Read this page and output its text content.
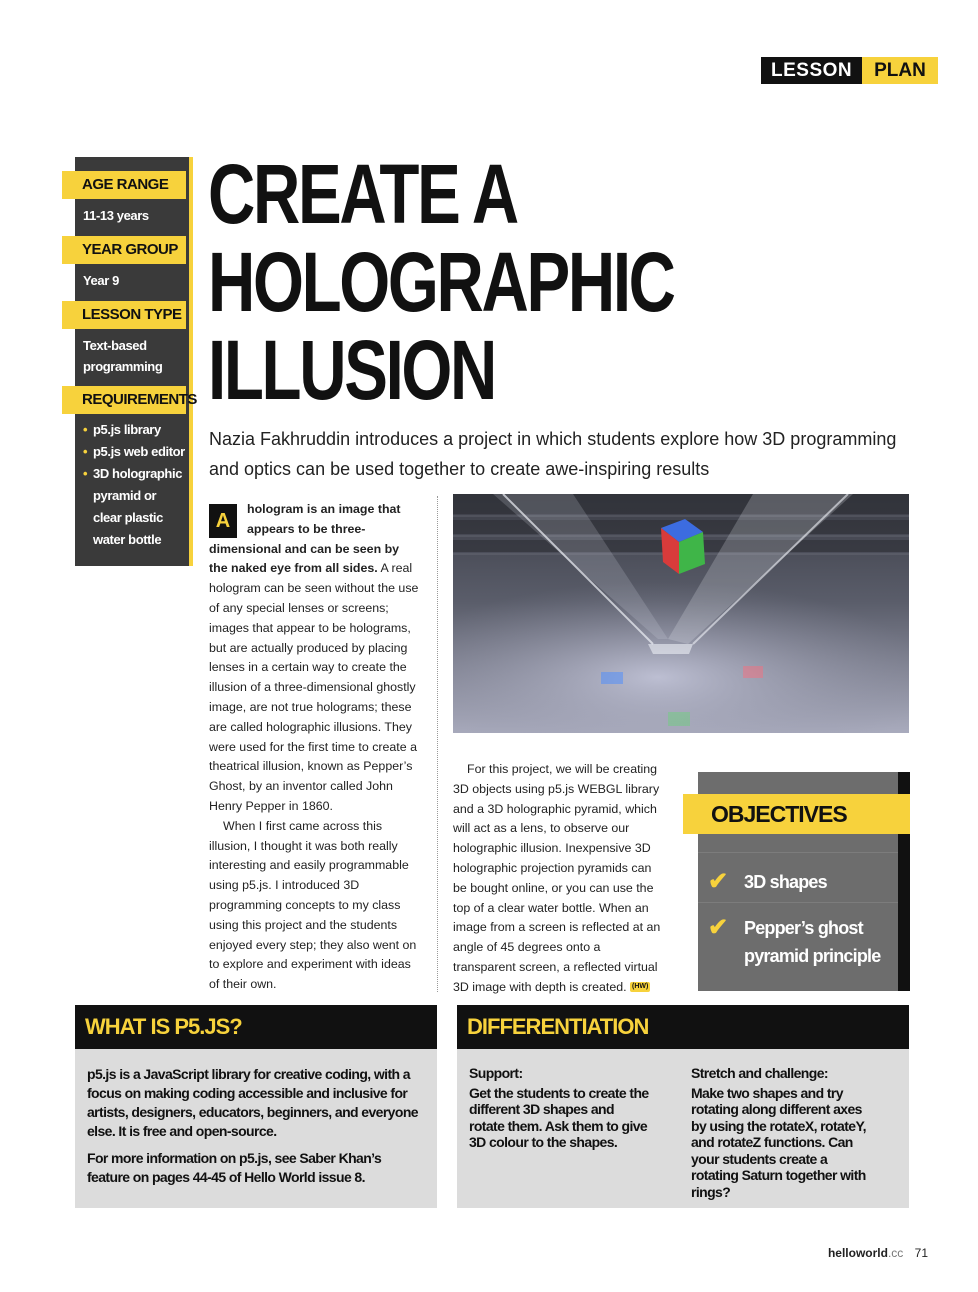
LESSON	PLAN
AGE RANGE
11-13 years
YEAR GROUP
Year 9
LESSON TYPE
Text-based programming
REQUIREMENTS
• p5.js library
• p5.js web editor
• 3D holographic pyramid or clear plastic water bottle
CREATE A
HOLOGRAPHIC
ILLUSION

Nazia Fakhruddin introduces a project in which students explore how 3D programming and optics can be used together to create awe-inspiring results

A

hologram is an image that appears to be three-dimensional and can be seen by the naked eye from all sides. A real hologram can be seen without the use of any special lenses or screens; images that appear to be holograms, but are actually produced by placing lenses in a certain way to create the illusion of a three-dimensional ghostly image, are not true holograms; these are called holographic illusions. They were used for the first time to create a theatrical illusion, known as Pepper’s Ghost, by an inventor called John Henry Pepper in 1860.

When I first came across this illusion, I thought it was both really interesting and easily programmable using p5.js. I introduced 3D programming concepts to my class using this project and the students enjoyed every step; they also went on to explore and experiment with ideas of their own.

For this project, we will be creating 3D objects using p5.js WEBGL library and a 3D holographic pyramid, which will act as a lens, to observe our holographic illusion. Inexpensive 3D holographic projection pyramids can be bought online, or you can use the top of a clear water bottle. When an image from a screen is reflected at an angle of 45 degrees onto a transparent screen, a reflected virtual 3D image with depth is created. (HW)

OBJECTIVES
✔ 3D shapes
✔ Pepper’s ghost pyramid principle
WHAT IS P5.JS?

p5.js is a JavaScript library for creative coding, with a focus on making coding accessible and inclusive for artists, designers, educators, beginners, and everyone else. It is free and open-source.

For more information on p5.js, see Saber Khan’s feature on pages 44-45 of Hello World issue 8.

DIFFERENTIATION

Support:

Get the students to create the different 3D shapes and rotate them. Ask them to give 3D colour to the shapes.

Stretch and challenge:

Make two shapes and try rotating along different axes by using the rotateX, rotateY, and rotateZ functions. Can your students create a rotating Saturn together with rings?

helloworld.cc 71
